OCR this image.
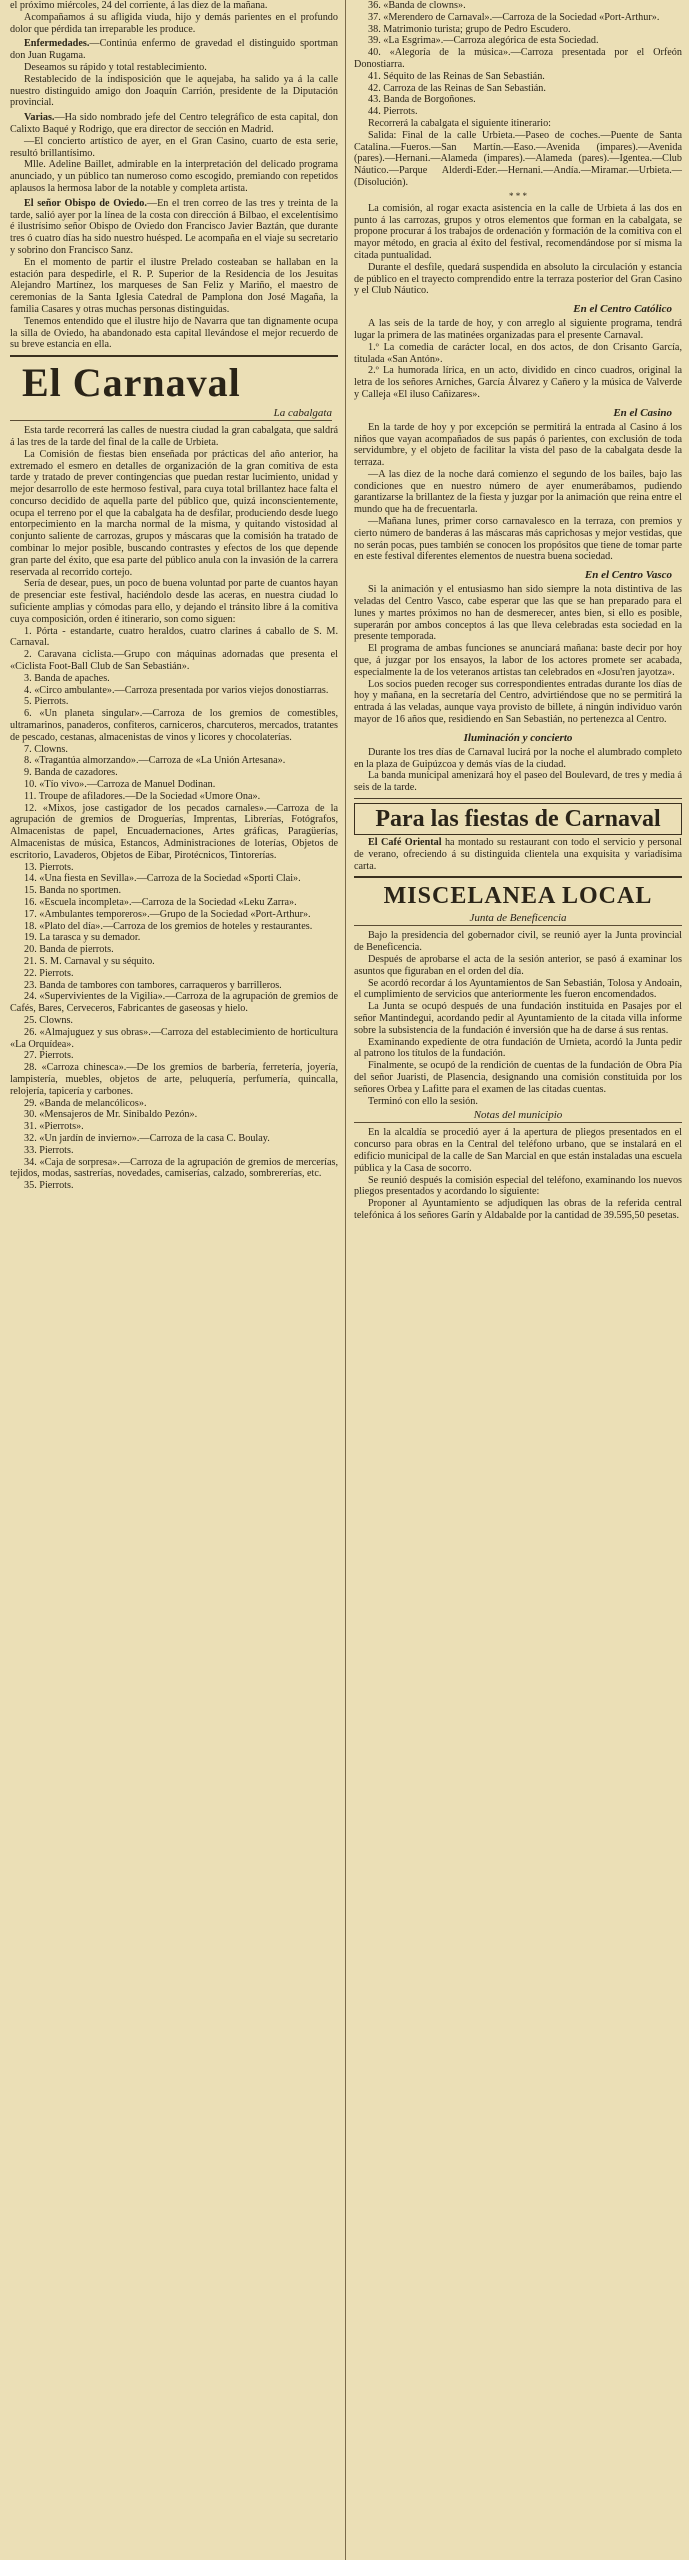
el próximo miércoles, 24 del corriente, á las diez de la mañana.

Acompañamos á su afligida viuda, hijo y demás parientes en el profundo dolor que pérdida tan irreparable les produce.

Enfermedades.—Continúa enfermo de gravedad el distinguido sportman don Juan Rugama.

Deseamos su rápido y total restablecimiento.

Restablecido de la indisposición que le aquejaba, ha salido ya á la calle nuestro distinguido amigo don Joaquín Carrión, presidente de la Diputación provincial.

Varias.—Ha sido nombrado jefe del Centro telegráfico de esta capital, don Calixto Baqué y Rodrigo, que era director de sección en Madrid.

—El concierto artístico de ayer, en el Gran Casino, cuarto de esta serie, resultó brillantísimo.

Mlle. Adeline Baillet, admirable en la interpretación del delicado programa anunciado, y un público tan numeroso como escogido, premiando con repetidos aplausos la hermosa labor de la notable y completa artista.

El señor Obispo de Oviedo.—En el tren correo de las tres y treinta de la tarde, salió ayer por la línea de la costa con dirección á Bilbao, el excelentísimo é ilustrísimo señor Obispo de Oviedo don Francisco Javier Baztán, que durante tres ó cuatro días ha sido nuestro huésped. Le acompaña en el viaje su secretario y sobrino don Francisco Sanz.

En el momento de partir el ilustre Prelado costeaban se hallaban en la estación para despedirle, el R. P. Superior de la Residencia de los Jesuitas Alejandro Martínez, los marqueses de San Feliz y Mariño, el maestro de ceremonias de la Santa Iglesia Catedral de Pamplona don José Magaña, la familia Casares y otras muchas personas distinguidas.

Tenemos entendido que el ilustre hijo de Navarra que tan dignamente ocupa la silla de Oviedo, ha abandonado esta capital llevándose el mejor recuerdo de su breve estancia en ella.

El Carnaval
La cabalgata

Esta tarde recorrerá las calles de nuestra ciudad la gran cabalgata, que saldrá á las tres de la tarde del final de la calle de Urbieta.

La Comisión de fiestas bien enseñada por prácticas del año anterior, ha extremado el esmero en detalles de organización de la gran comitiva de esta tarde y tratado de prever contingencias que puedan restar lucimiento, unidad y mejor desarrollo de este hermoso festival, para cuya total brillantez hace falta el concurso decidido de aquella parte del público que, quizá inconscientemente, ocupa el terreno por el que la cabalgata ha de desfilar, produciendo desde luego entorpecimiento en la marcha normal de la misma, y quitando vistosidad al conjunto saliente de carrozas, grupos y máscaras que la comisión ha tratado de combinar lo mejor posible, buscando contrastes y efectos de los que depende gran parte del éxito, que esa parte del público anula con la invasión de la carrera reservada al recorrido cortejo.

Sería de desear, pues, un poco de buena voluntad por parte de cuantos hayan de presenciar este festival, haciéndolo desde las aceras, en nuestra ciudad lo suficiente amplias y cómodas para ello, y dejando el tránsito libre á la comitiva cuya composición, orden é itinerario, son como siguen:

1. Pórta - estandarte, cuatro heraldos, cuatro clarines á caballo de S. M. Carnaval.

2. Caravana ciclista.—Grupo con máquinas adornadas que presenta el «Ciclista Foot-Ball Club de San Sebastián».

3. Banda de apaches.

4. «Circo ambulante».—Carroza presentada por varios viejos donostiarras.

5. Pierrots.

6. «Un planeta singular».—Carroza de los gremios de comestibles, ultramarinos, panaderos, confiteros, carniceros, charcuteros, mercados, tratantes de pescado, cestanas, almacenistas de vinos y licores y chocolaterías.

7. Clowns.

8. «Tragantúa almorzando».—Carroza de «La Unión Artesana».

9. Banda de cazadores.

10. «Tío vivo».—Carroza de Manuel Dodinan.

11. Troupe de afiladores.—De la Sociedad «Umore Ona».

12. «Mixos, jose castigador de los pecados carnales».—Carroza de la agrupación de gremios de Droguerías, Imprentas, Librerías, Fotógrafos, Almacenistas de papel, Encuadernaciones, Artes gráficas, Paragüerías, Almacenistas de música, Estancos, Administraciones de loterías, Objetos de escritorio, Lavaderos, Objetos de Eibar, Pirotécnicos, Tintorerías.

13. Pierrots.

14. «Una fiesta en Sevilla».—Carroza de la Sociedad «Sporti Clai».

15. Banda no sportmen.

16. «Escuela incompleta».—Carroza de la Sociedad «Leku Zarra».

17. «Ambulantes temporeros».—Grupo de la Sociedad «Port-Arthur».

18. «Plato del día».—Carroza de los gremios de hoteles y restaurantes.

19. La tarasca y su demador.

20. Banda de pierrots.

21. S. M. Carnaval y su séquito.

22. Pierrots.

23. Banda de tambores con tambores, carraqueros y barrilleros.

24. «Supervivientes de la Vigilia».—Carroza de la agrupación de gremios de Cafés, Bares, Cerveceros, Fabricantes de gaseosas y hielo.

25. Clowns.

26. «Almajuguez y sus obras».—Carroza del establecimiento de horticultura «La Orquídea».

27. Pierrots.

28. «Carroza chinesca».—De los gremios de barbería, ferretería, joyería, lampistería, muebles, objetos de arte, peluquería, perfumería, quincalla, relojería, tapicería y carbones.

29. «Banda de melancólicos».

30. «Mensajeros de Mr. Sinibaldo Pezón».

31. «Pierrots».

32. «Un jardín de invierno».—Carroza de la casa C. Boulay.

33. Pierrots.

34. «Caja de sorpresa».—Carroza de la agrupación de gremios de mercerías, tejidos, modas, sastrerías, novedades, camiserías, calzado, sombrererías, etc.

35. Pierrots.

36. «Banda de clowns».

37. «Merendero de Carnaval».—Carroza de la Sociedad «Port-Arthur».

38. Matrimonio turista; grupo de Pedro Escudero.

39. «La Esgrima».—Carroza alegórica de esta Sociedad.

40. «Alegoría de la música».—Carroza presentada por el Orfeón Donostiarra.

41. Séquito de las Reinas de San Sebastián.

42. Carroza de las Reinas de San Sebastián.

43. Banda de Borgoñones.

44. Pierrots.

Recorrerá la cabalgata el siguiente itinerario:

Salida: Final de la calle Urbieta.—Paseo de coches.—Puente de Santa Catalina.—Fueros.—San Martín.—Easo.—Avenida (impares).—Avenida (pares).—Hernani.—Alameda (impares).—Alameda (pares).—Igentea.—Club Náutico.—Parque Alderdi-Eder.—Hernani.—Andía.—Miramar.—Urbieta.—(Disolución).

* * *

La comisión, al rogar exacta asistencia en la calle de Urbieta á las dos en punto á las carrozas, grupos y otros elementos que forman en la cabalgata, se propone procurar á los trabajos de ordenación y formación de la comitiva con el mayor método, en gracia al éxito del festival, recomendándose por sí misma la citada puntualidad.

Durante el desfile, quedará suspendida en absoluto la circulación y estancia de público en el trayecto comprendido entre la terraza posterior del Gran Casino y el Club Náutico.

En el Centro Católico

A las seis de la tarde de hoy, y con arreglo al siguiente programa, tendrá lugar la primera de las matinées organizadas para el presente Carnaval.

1.º La comedia de carácter local, en dos actos, de don Crisanto García, titulada «San Antón».

2.º La humorada lírica, en un acto, dividido en cinco cuadros, original la letra de los señores Arniches, García Álvarez y Cañero y la música de Valverde y Calleja «El iluso Cañizares».

En el Casino

En la tarde de hoy y por excepción se permitirá la entrada al Casino á los niños que vayan acompañados de sus papás ó parientes, con exclusión de toda servidumbre, y el objeto de facilitar la vista del paso de la cabalgata desde la terraza.

—A las diez de la noche dará comienzo el segundo de los bailes, bajo las condiciones que en nuestro número de ayer enumerábamos, pudiendo garantizarse la brillantez de la fiesta y juzgar por la animación que reina entre el mundo que ha de frecuentarla.

—Mañana lunes, primer corso carnavalesco en la terraza, con premios y cierto número de banderas á las máscaras más caprichosas y mejor vestidas, que no serán pocas, pues también se conocen los propósitos que tiene de tomar parte en este festival diferentes elementos de nuestra buena sociedad.

En el Centro Vasco

Si la animación y el entusiasmo han sido siempre la nota distintiva de las veladas del Centro Vasco, cabe esperar que las que se han preparado para el lunes y martes próximos no han de desmerecer, antes bien, si ello es posible, superarán por ambos conceptos á las que lleva celebradas esta sociedad en la presente temporada.

El programa de ambas funciones se anunciará mañana: baste decir por hoy que, á juzgar por los ensayos, la labor de los actores promete ser acabada, especialmente la de los veteranos artistas tan celebrados en «Josu'ren jayotza».

Los socios pueden recoger sus correspondientes entradas durante los días de hoy y mañana, en la secretaría del Centro, advirtiéndose que no se permitirá la entrada á las veladas, aunque vaya provisto de billete, á ningún individuo varón mayor de 16 años que, residiendo en San Sebastián, no pertenezca al Centro.

Iluminación y concierto

Durante los tres días de Carnaval lucirá por la noche el alumbrado completo en la plaza de Guipúzcoa y demás vías de la ciudad.

La banda municipal amenizará hoy el paseo del Boulevard, de tres y media á seis de la tarde.

Para las fiestas de Carnaval

El Café Oriental ha montado su restaurant con todo el servicio y personal de verano, ofreciendo á su distinguida clientela una exquisita y variadísima carta.

MISCELANEA LOCAL
Junta de Beneficencia

Bajo la presidencia del gobernador civil, se reunió ayer la Junta provincial de Beneficencia.

Después de aprobarse el acta de la sesión anterior, se pasó á examinar los asuntos que figuraban en el orden del día.

Se acordó recordar á los Ayuntamientos de San Sebastián, Tolosa y Andoain, el cumplimiento de servicios que anteriormente les fueron encomendados.

La Junta se ocupó después de una fundación instituida en Pasajes por el señor Mantindegui, acordando pedir al Ayuntamiento de la citada villa informe sobre la subsistencia de la fundación é inversión que ha de darse á sus rentas.

Examinando expediente de otra fundación de Urnieta, acordó la Junta pedir al patrono los títulos de la fundación.

Finalmente, se ocupó de la rendición de cuentas de la fundación de Obra Pía del señor Juaristi, de Plasencia, designando una comisión constituida por los señores Orbea y Lafitte para el examen de las citadas cuentas.

Terminó con ello la sesión.

Notas del municipio

En la alcaldía se procedió ayer á la apertura de pliegos presentados en el concurso para obras en la Central del teléfono urbano, que se instalará en el edificio municipal de la calle de San Marcial en que están instaladas una escuela pública y la Casa de socorro.

Se reunió después la comisión especial del teléfono, examinando los nuevos pliegos presentados y acordando lo siguiente:

Proponer al Ayuntamiento se adjudiquen las obras de la referida central telefónica á los señores Garín y Aldabalde por la cantidad de 39.595,50 pesetas.
